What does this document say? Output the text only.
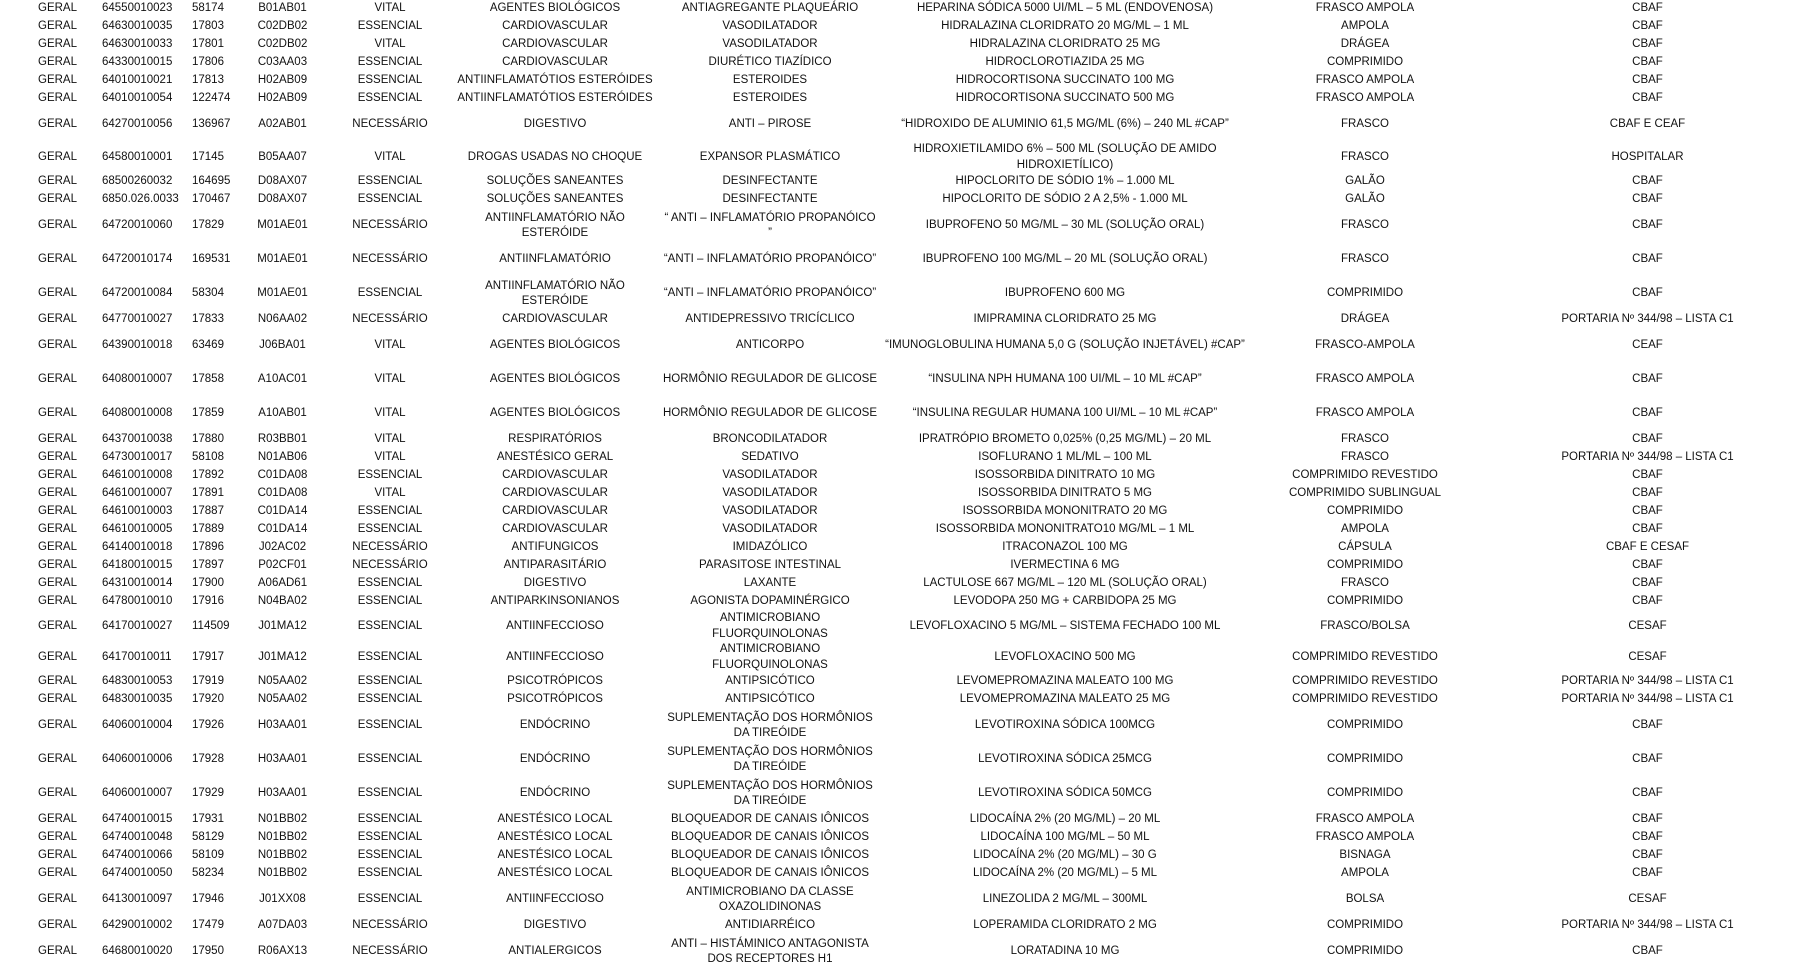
GERAL	64550010023	58174	B01AB01	VITAL	AGENTES BIOLÓGICOS	ANTIAGREGANTE PLAQUEÁRIO	HEPARINA SÓDICA 5000 UI/ML – 5 ML (ENDOVENOSA)	FRASCO AMPOLA	CBAF
GERAL	64630010035	17803	C02DB02	ESSENCIAL	CARDIOVASCULAR	VASODILATADOR	HIDRALAZINA CLORIDRATO 20 MG/ML – 1 ML	AMPOLA	CBAF
GERAL	64630010033	17801	C02DB02	VITAL	CARDIOVASCULAR	VASODILATADOR	HIDRALAZINA CLORIDRATO 25 MG	DRÁGEA	CBAF
GERAL	64330010015	17806	C03AA03	ESSENCIAL	CARDIOVASCULAR	DIURÉTICO TIAZÍDICO	HIDROCLOROTIAZIDA 25 MG	COMPRIMIDO	CBAF
GERAL	64010010021	17813	H02AB09	ESSENCIAL	ANTIINFLAMATÓTIOS ESTERÓIDES	ESTEROIDES	HIDROCORTISONA SUCCINATO 100 MG	FRASCO AMPOLA	CBAF
GERAL	64010010054	122474	H02AB09	ESSENCIAL	ANTIINFLAMATÓTIOS ESTERÓIDES	ESTEROIDES	HIDROCORTISONA SUCCINATO 500 MG	FRASCO AMPOLA	CBAF
GERAL	64270010056	136967	A02AB01	NECESSÁRIO	DIGESTIVO	ANTI – PIROSE	“HIDROXIDO DE ALUMINIO 61,5 MG/ML (6%) – 240 ML #CAP”	FRASCO	CBAF E CEAF
GERAL	64580010001	17145	B05AA07	VITAL	DROGAS USADAS NO CHOQUE	EXPANSOR PLASMÁTICO	HIDROXIETILAMIDO 6% – 500 ML (SOLUÇÃO DE AMIDO HIDROXIETÍLICO)	FRASCO	HOSPITALAR
GERAL	68500260032	164695	D08AX07	ESSENCIAL	SOLUÇÕES SANEANTES	DESINFECTANTE	HIPOCLORITO DE SÓDIO 1% – 1.000 ML	GALÃO	CBAF
GERAL	6850.026.0033	170467	D08AX07	ESSENCIAL	SOLUÇÕES SANEANTES	DESINFECTANTE	HIPOCLORITO DE SÓDIO 2 A 2,5% - 1.000 ML	GALÃO	CBAF
GERAL	64720010060	17829	M01AE01	NECESSÁRIO	ANTIINFLAMATÓRIO NÃO ESTERÓIDE	“ ANTI – INFLAMATÓRIO PROPANÓICO ”	IBUPROFENO 50 MG/ML – 30 ML (SOLUÇÃO ORAL)	FRASCO	CBAF
GERAL	64720010174	169531	M01AE01	NECESSÁRIO	ANTIINFLAMATÓRIO	“ANTI – INFLAMATÓRIO PROPANÓICO”	IBUPROFENO 100 MG/ML – 20 ML (SOLUÇÃO ORAL)	FRASCO	CBAF
GERAL	64720010084	58304	M01AE01	ESSENCIAL	ANTIINFLAMATÓRIO NÃO ESTERÓIDE	“ANTI – INFLAMATÓRIO PROPANÓICO”	IBUPROFENO 600 MG	COMPRIMIDO	CBAF
GERAL	64770010027	17833	N06AA02	NECESSÁRIO	CARDIOVASCULAR	ANTIDEPRESSIVO TRICÍCLICO	IMIPRAMINA CLORIDRATO 25 MG	DRÁGEA	PORTARIA Nº 344/98 – LISTA C1
GERAL	64390010018	63469	J06BA01	VITAL	AGENTES BIOLÓGICOS	ANTICORPO	“IMUNOGLOBULINA HUMANA 5,0 G (SOLUÇÃO INJETÁVEL) #CAP”	FRASCO-AMPOLA	CEAF
GERAL	64080010007	17858	A10AC01	VITAL	AGENTES BIOLÓGICOS	HORMÔNIO REGULADOR DE GLICOSE	“INSULINA NPH HUMANA 100 UI/ML – 10 ML #CAP”	FRASCO AMPOLA	CBAF
GERAL	64080010008	17859	A10AB01	VITAL	AGENTES BIOLÓGICOS	HORMÔNIO REGULADOR DE GLICOSE	“INSULINA REGULAR HUMANA 100 UI/ML – 10 ML #CAP”	FRASCO AMPOLA	CBAF
GERAL	64370010038	17880	R03BB01	VITAL	RESPIRATÓRIOS	BRONCODILATADOR	IPRATRÓPIO BROMETO 0,025% (0,25 MG/ML) – 20 ML	FRASCO	CBAF
GERAL	64730010017	58108	N01AB06	VITAL	ANESTÉSICO GERAL	SEDATIVO	ISOFLURANO 1 ML/ML – 100 ML	FRASCO	PORTARIA Nº 344/98 – LISTA C1
GERAL	64610010008	17892	C01DA08	ESSENCIAL	CARDIOVASCULAR	VASODILATADOR	ISOSSORBIDA DINITRATO 10 MG	COMPRIMIDO REVESTIDO	CBAF
GERAL	64610010007	17891	C01DA08	VITAL	CARDIOVASCULAR	VASODILATADOR	ISOSSORBIDA DINITRATO 5 MG	COMPRIMIDO SUBLINGUAL	CBAF
GERAL	64610010003	17887	C01DA14	ESSENCIAL	CARDIOVASCULAR	VASODILATADOR	ISOSSORBIDA MONONITRATO 20 MG	COMPRIMIDO	CBAF
GERAL	64610010005	17889	C01DA14	ESSENCIAL	CARDIOVASCULAR	VASODILATADOR	ISOSSORBIDA MONONITRATO10 MG/ML – 1 ML	AMPOLA	CBAF
GERAL	64140010018	17896	J02AC02	NECESSÁRIO	ANTIFUNGICOS	IMIDAZÓLICO	ITRACONAZOL 100 MG	CÁPSULA	CBAF E CESAF
GERAL	64180010015	17897	P02CF01	NECESSÁRIO	ANTIPARASITÁRIO	PARASITOSE INTESTINAL	IVERMECTINA 6 MG	COMPRIMIDO	CBAF
GERAL	64310010014	17900	A06AD61	ESSENCIAL	DIGESTIVO	LAXANTE	LACTULOSE 667 MG/ML – 120 ML (SOLUÇÃO ORAL)	FRASCO	CBAF
GERAL	64780010010	17916	N04BA02	ESSENCIAL	ANTIPARKINSONIANOS	AGONISTA DOPAMINÉRGICO	LEVODOPA 250 MG + CARBIDOPA 25 MG	COMPRIMIDO	CBAF
GERAL	64170010027	114509	J01MA12	ESSENCIAL	ANTIINFECCIOSO	ANTIMICROBIANO FLUORQUINOLONAS	LEVOFLOXACINO 5 MG/ML – SISTEMA FECHADO 100 ML	FRASCO/BOLSA	CESAF
GERAL	64170010011	17917	J01MA12	ESSENCIAL	ANTIINFECCIOSO	ANTIMICROBIANO FLUORQUINOLONAS	LEVOFLOXACINO 500 MG	COMPRIMIDO REVESTIDO	CESAF
GERAL	64830010053	17919	N05AA02	ESSENCIAL	PSICOTRÓPICOS	ANTIPSICÓTICO	LEVOMEPROMAZINA MALEATO 100 MG	COMPRIMIDO REVESTIDO	PORTARIA Nº 344/98 – LISTA C1
GERAL	64830010035	17920	N05AA02	ESSENCIAL	PSICOTRÓPICOS	ANTIPSICÓTICO	LEVOMEPROMAZINA MALEATO 25 MG	COMPRIMIDO REVESTIDO	PORTARIA Nº 344/98 – LISTA C1
GERAL	64060010004	17926	H03AA01	ESSENCIAL	ENDÓCRINO	SUPLEMENTAÇÃO DOS HORMÔNIOS DA TIREÓIDE	LEVOTIROXINA SÓDICA 100MCG	COMPRIMIDO	CBAF
GERAL	64060010006	17928	H03AA01	ESSENCIAL	ENDÓCRINO	SUPLEMENTAÇÃO DOS HORMÔNIOS DA TIREÓIDE	LEVOTIROXINA SÓDICA 25MCG	COMPRIMIDO	CBAF
GERAL	64060010007	17929	H03AA01	ESSENCIAL	ENDÓCRINO	SUPLEMENTAÇÃO DOS HORMÔNIOS DA TIREÓIDE	LEVOTIROXINA SÓDICA 50MCG	COMPRIMIDO	CBAF
GERAL	64740010015	17931	N01BB02	ESSENCIAL	ANESTÉSICO LOCAL	BLOQUEADOR DE CANAIS IÔNICOS	LIDOCAÍNA 2% (20 MG/ML) – 20 ML	FRASCO AMPOLA	CBAF
GERAL	64740010048	58129	N01BB02	ESSENCIAL	ANESTÉSICO LOCAL	BLOQUEADOR DE CANAIS IÔNICOS	LIDOCAÍNA 100 MG/ML – 50 ML	FRASCO AMPOLA	CBAF
GERAL	64740010066	58109	N01BB02	ESSENCIAL	ANESTÉSICO LOCAL	BLOQUEADOR DE CANAIS IÔNICOS	LIDOCAÍNA 2% (20 MG/ML) – 30 G	BISNAGA	CBAF
GERAL	64740010050	58234	N01BB02	ESSENCIAL	ANESTÉSICO LOCAL	BLOQUEADOR DE CANAIS IÔNICOS	LIDOCAÍNA 2% (20 MG/ML) – 5 ML	AMPOLA	CBAF
GERAL	64130010097	17946	J01XX08	ESSENCIAL	ANTIINFECCIOSO	ANTIMICROBIANO DA CLASSE OXAZOLIDINONAS	LINEZOLIDA 2 MG/ML – 300ML	BOLSA	CESAF
GERAL	64290010002	17479	A07DA03	NECESSÁRIO	DIGESTIVO	ANTIDIARRÉICO	LOPERAMIDA CLORIDRATO 2 MG	COMPRIMIDO	PORTARIA Nº 344/98 – LISTA C1
GERAL	64680010020	17950	R06AX13	NECESSÁRIO	ANTIALERGICOS	ANTI – HISTÁMINICO ANTAGONISTA DOS RECEPTORES H1	LORATADINA 10 MG	COMPRIMIDO	CBAF
